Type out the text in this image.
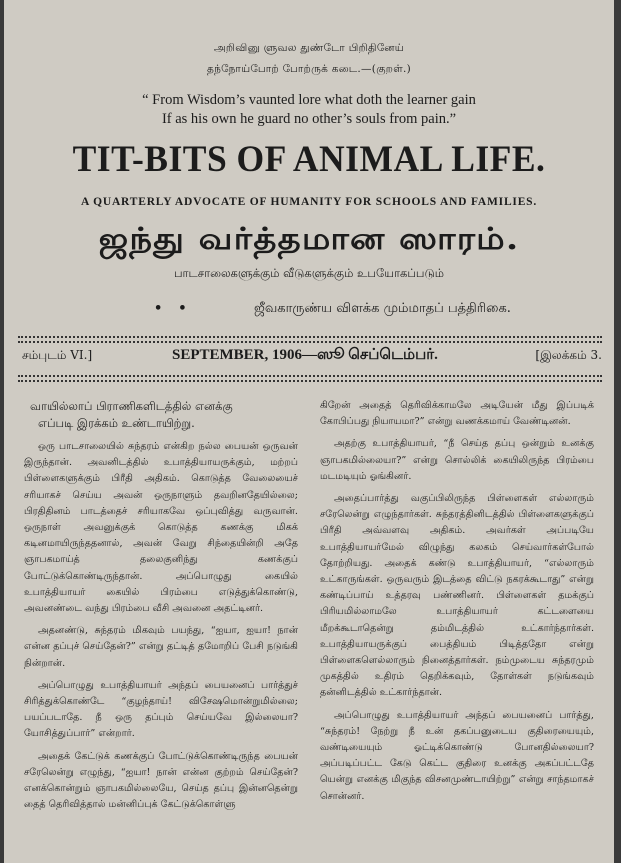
அறிவினு ளுவல துண்டோ பிறிதினேய்
தந்நோய்போற் போற்ருக் கடை.—(குறள்.)
“ From Wisdom’s vaunted lore what doth the learner gain
If as his own he guard no other’s souls from pain.”
TIT-BITS OF ANIMAL LIFE.
A QUARTERLY ADVOCATE OF HUMANITY FOR SCHOOLS AND FAMILIES.
ஜந்து வர்த்தமான ஸாரம்.
பாடசாலைகளுக்கும் வீடுகளுக்கும் உபயோகப்படும்
••	ஜீவகாருண்ய விளக்க மும்மாதப் பத்திரிகை.
சம்புடம் VI.]	SEPTEMBER, 1906—ஸூ செப்டெம்பர்.	[இலக்கம் 3.

வாயில்லாப் பிராணிகளிடத்தில் எனக்கு
எப்படி இரக்கம் உண்டாயிற்று.

ஒரு பாடசாலையில் சுந்தரம் என்கிற நல்ல பையன் ஒருவன் இருந்தான். அவனிடத்தில் உபாத்தியாயருக்கும், மற்றப் பிள்ளைகளுக்கும் பிரீதி அதிகம். கொடுத்த வேலையைச் சரியாகச் செய்ய அவன் ஒருநாளும் தவறினதேயில்லை; பிரதிதினம் பாடத்தைச் சரியாகவே ஒப்புவித்து வருவான். ஒருநாள் அவனுக்குக் கொடுத்த கணக்கு மிகக் கடினமாயிருந்ததனால், அவன் வேறு சிந்தையின்றி அதே ஞாபகமாய்த் தலைகுனிந்து கணக்குப் போட்டுக்கொண்டிருந்தான். அப்பொழுது கையில் உபாத்தியாயர் கையில் பிரம்பை எடுத்துக்கொண்டு, அவனண்டை வந்து பிரம்பை வீசி அவனை அதட்டினர்.

அதனண்டு, சுந்தரம் மிகவும் பயந்து, “ஐயா, ஐயா! நான் என்ன தப்புச் செய்தேன்?” என்று தட்டித் தமோறிப் பேசி நடுங்கி நின்றான்.

அப்பொழுது உபாத்தியாயர் அந்தப் பையனைப் பார்த்துச் சிரித்துக்கொண்டே “குழந்தாய்! விசேஷமொன்றுமில்லை; பயப்படாதே. நீ ஒரு தப்பும் செய்யவே இல்லையா? யோசித்துப்பார்” என்றார்.

அதைக் கேட்டுக் கணக்குப் போட்டுக்கொண்டிருந்த பையன் சரேலென்று எழுந்து, “ஐயா! நான் என்ன குற்றம் செய்தேன்? எனக்கொன்றும் ஞாபகமில்லையே, செய்த தப்பு இன்னதென்று தைத் தெரிவித்தால் மன்னிப்புக் கேட்டுக்கொள்ளு

கிறேன் அதைத் தெரிவிக்காமலே அடியேன் மீது இப்படிக் கோபிப்பது நியாயமா?” என்று வணக்கமாய் வேண்டினன்.

அதற்கு உபாத்தியாயர், “நீ செய்த தப்பு ஒன்றும் உனக்கு ஞாபகமில்லையா?” என்று சொல்லிக் கையிலிருந்த பிரம்பை மடமடியும் ஓங்கினர்.

அதைப்பார்த்து வகுப்பிலிருந்த பிள்ளைகள் எல்லாரும் சரேலென்று எழுந்தார்கள். சுந்தரத்தினிடத்தில் பிள்ளைகளுக்குப் பிரீதி அவ்வளவு அதிகம். அவர்கள் அப்படியே உபாத்தியாயர்மேல் விழுந்து கலகம் செய்வார்கள்போல் தோற்றியது. அதைக் கண்டு உபாத்தியாயர், “எல்லாரும் உட்காருங்கள். ஒருவரும் இடத்தை விட்டு நகரக்கூடாது” என்று கண்டிப்பாய் உத்தரவு பண்ணினர். பிள்ளைகள் தமக்குப் பிரியமில்லாமலே உபாத்தியாயர் கட்டளையை மீறக்கூடாதென்று தம்மிடத்தில் உட்கார்ந்தார்கள். உபாத்தியாயருக்குப் பைத்தியம் பிடித்ததோ என்று பிள்ளைகளெல்லாரும் நினைத்தார்கள். நம்முடைய சுந்தரமும் முகத்தில் உதிரம் தெறிக்கவும், தோள்கள் நடுங்கவும் தன்னிடத்தில் உட்கார்ந்தான்.

அப்பொழுது உபாத்தியாயர் அந்தப் பையனைப் பார்த்து, “சுந்தரம்! நேற்று நீ உன் தகப்பனுடைய குதிரையையும், வண்டியையும் ஓட்டிக்கொண்டு போனதில்லையா? அப்படிப்பட்ட கேடு கெட்ட குதிரை உனக்கு அகப்பட்டதே யென்று எனக்கு மிகுந்த விசனமுண்டாயிற்று” என்று சாந்தமாகச் சொன்னர்.
